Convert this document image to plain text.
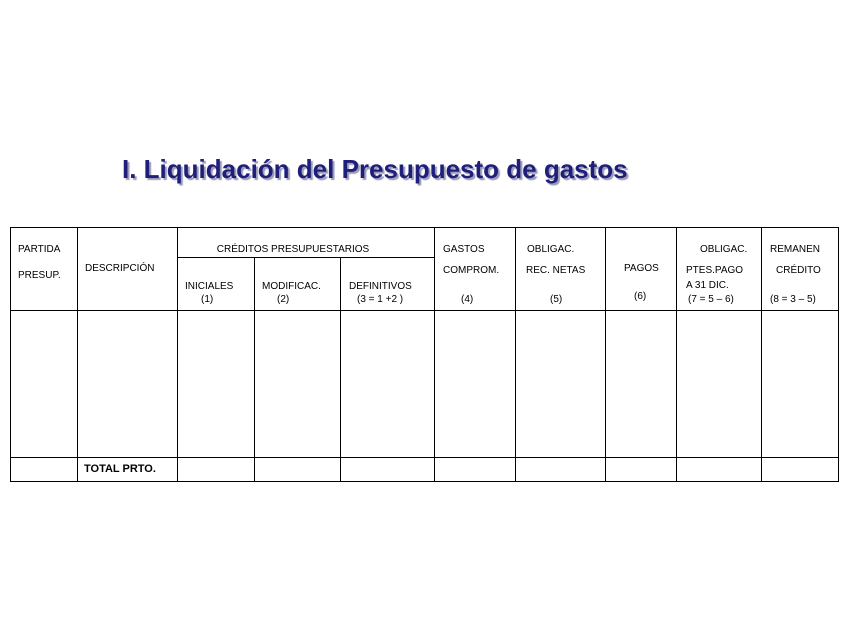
I. Liquidación del Presupuesto de gastos
PARTIDA
PRESUP.
DESCRIPCIÓN
CRÉDITOS PRESUPUESTARIOS
INICIALES
(1)
MODIFICAC.
(2)
DEFINITIVOS
(3 = 1 +2 )
GASTOS
COMPROM.
(4)
OBLIGAC.
REC. NETAS
(5)
PAGOS
(6)
OBLIGAC.
PTES.PAGO
A 31 DIC.
(7 = 5 – 6)
REMANEN
CRÉDITO
(8 = 3 – 5)
TOTAL PRTO.
